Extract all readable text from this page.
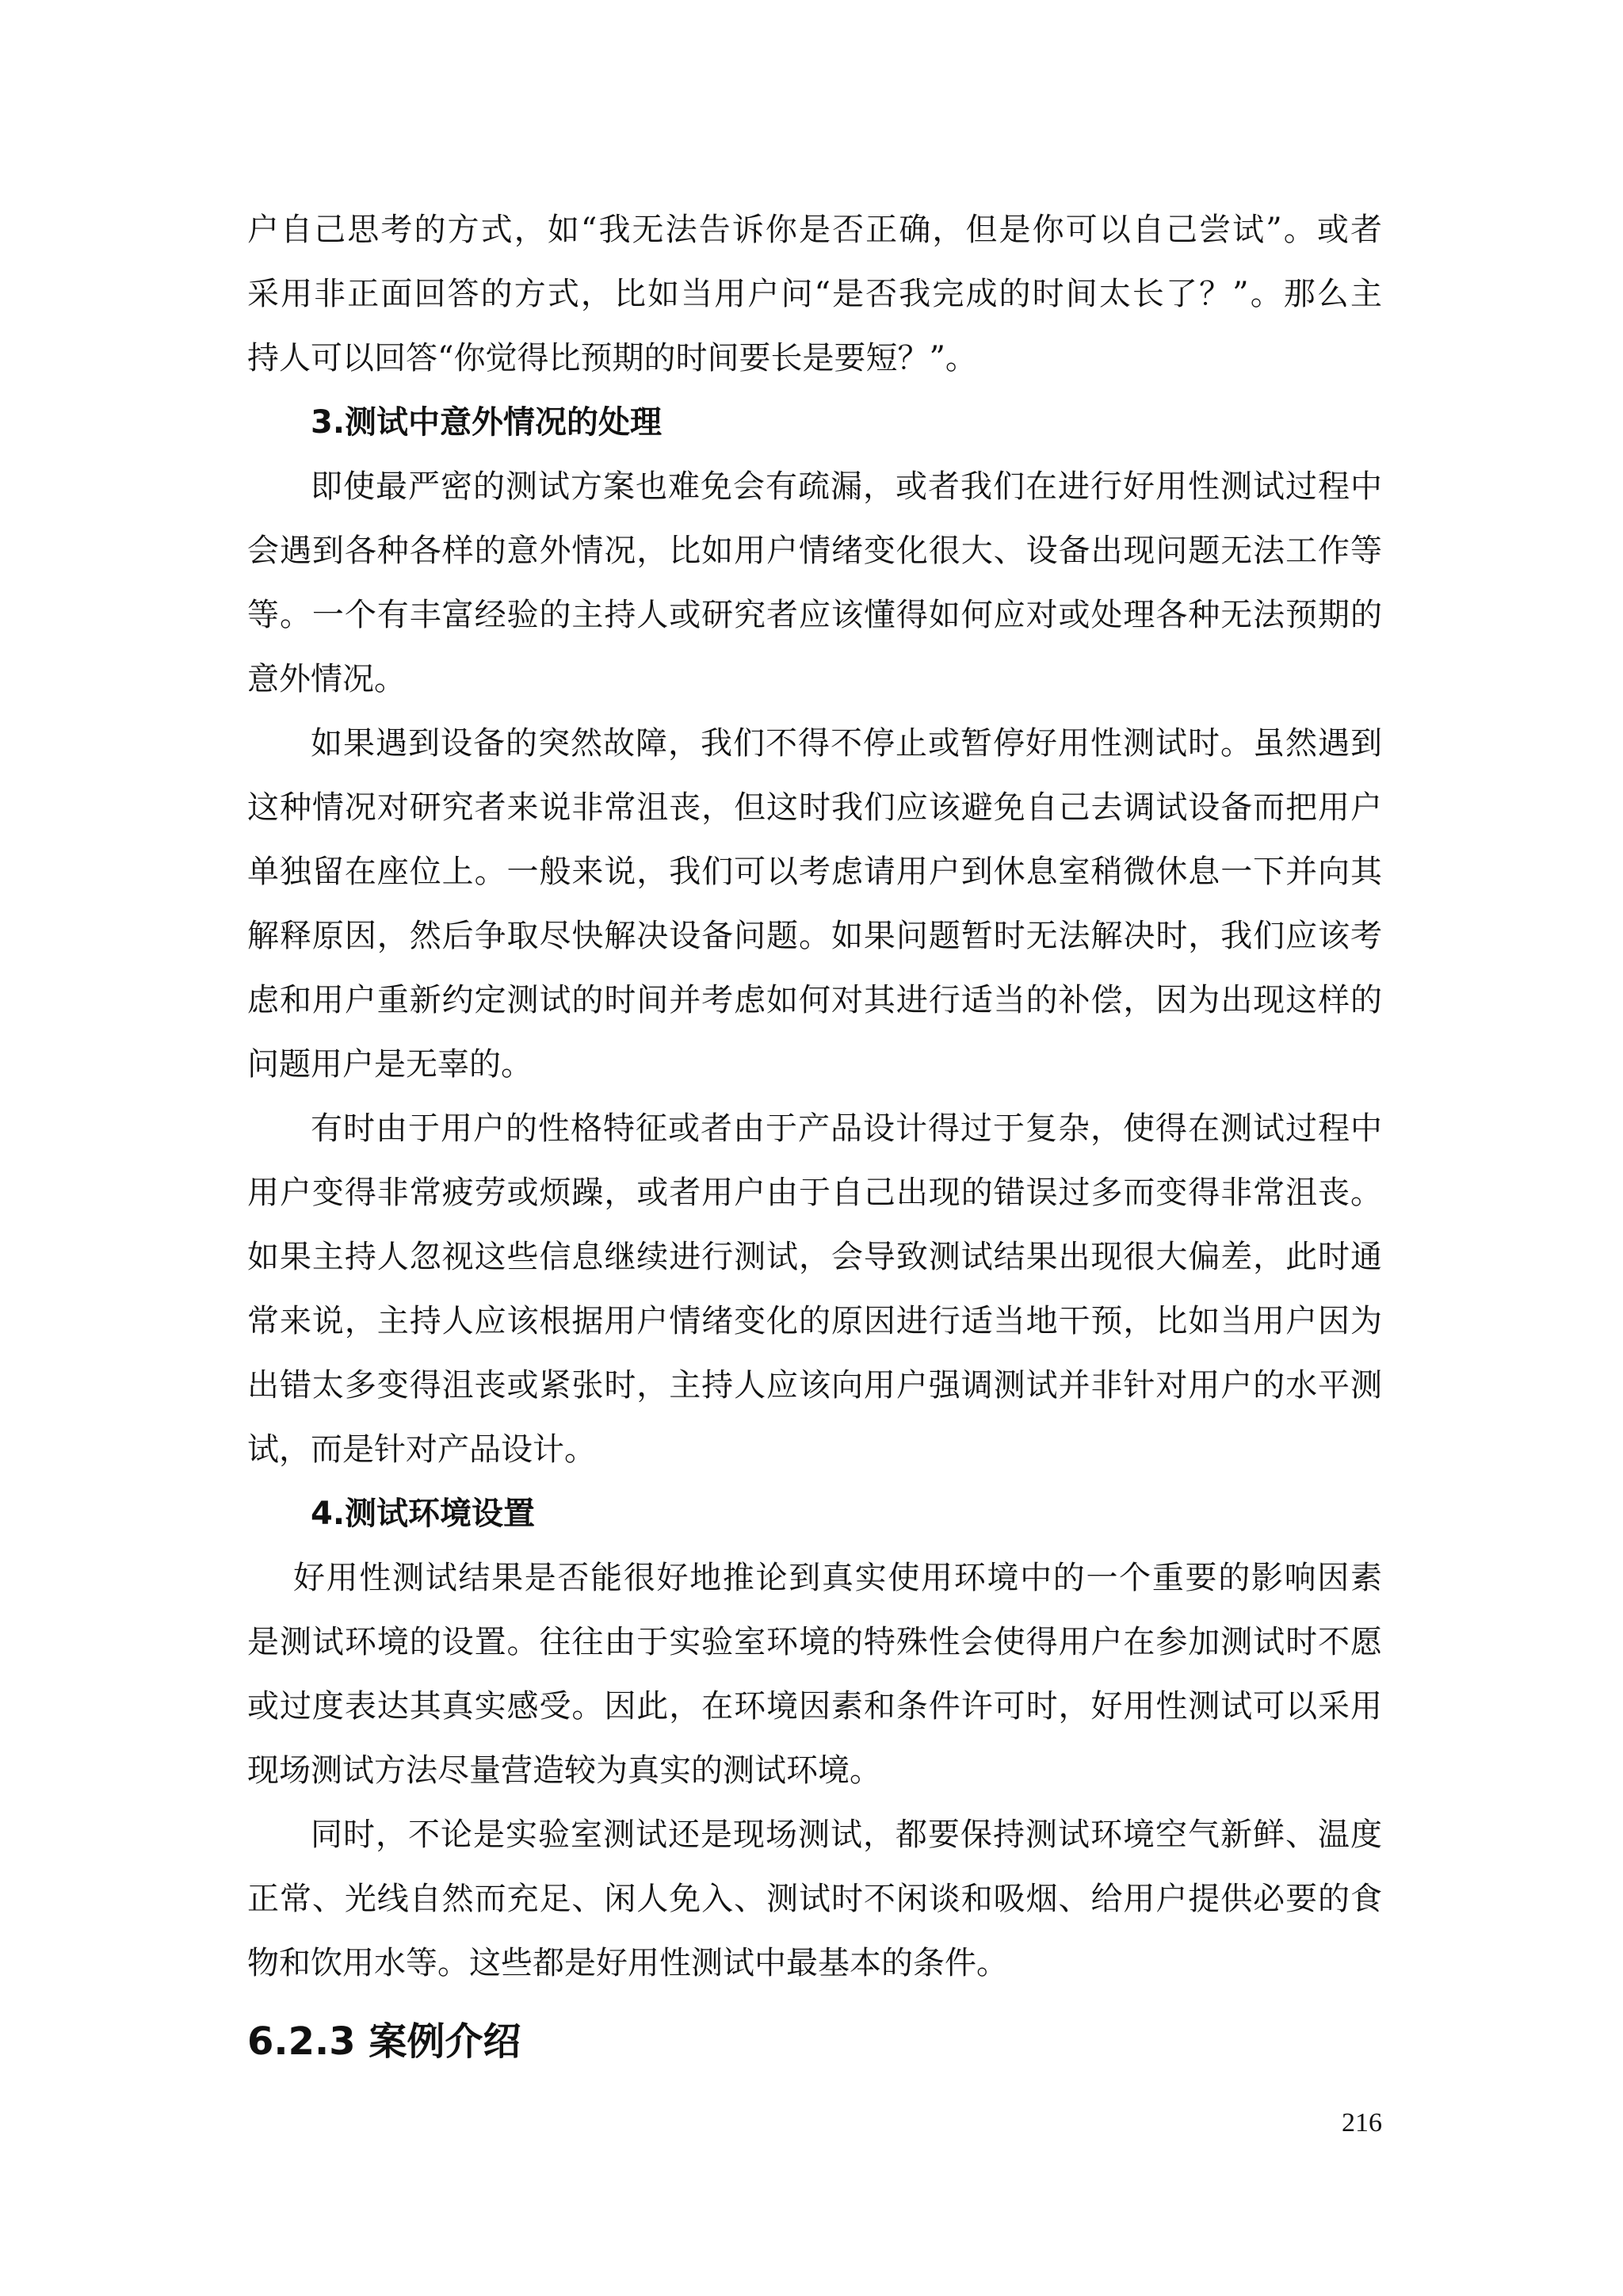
户自己思考的方式，如“我无法告诉你是否正确，但是你可以自己尝试”。或者
采用非正面回答的方式，比如当用户问“是否我完成的时间太长了？”。那么主
持人可以回答“你觉得比预期的时间要长是要短？”。
3.测试中意外情况的处理
即使最严密的测试方案也难免会有疏漏，或者我们在进行好用性测试过程中
会遇到各种各样的意外情况，比如用户情绪变化很大、设备出现问题无法工作等
等。一个有丰富经验的主持人或研究者应该懂得如何应对或处理各种无法预期的
意外情况。
如果遇到设备的突然故障，我们不得不停止或暂停好用性测试时。虽然遇到
这种情况对研究者来说非常沮丧，但这时我们应该避免自己去调试设备而把用户
单独留在座位上。一般来说，我们可以考虑请用户到休息室稍微休息一下并向其
解释原因，然后争取尽快解决设备问题。如果问题暂时无法解决时，我们应该考
虑和用户重新约定测试的时间并考虑如何对其进行适当的补偿，因为出现这样的
问题用户是无辜的。
有时由于用户的性格特征或者由于产品设计得过于复杂，使得在测试过程中
用户变得非常疲劳或烦躁，或者用户由于自己出现的错误过多而变得非常沮丧。
如果主持人忽视这些信息继续进行测试，会导致测试结果出现很大偏差，此时通
常来说，主持人应该根据用户情绪变化的原因进行适当地干预，比如当用户因为
出错太多变得沮丧或紧张时，主持人应该向用户强调测试并非针对用户的水平测
试，而是针对产品设计。
4.测试环境设置
好用性测试结果是否能很好地推论到真实使用环境中的一个重要的影响因素
是测试环境的设置。往往由于实验室环境的特殊性会使得用户在参加测试时不愿
或过度表达其真实感受。因此，在环境因素和条件许可时，好用性测试可以采用
现场测试方法尽量营造较为真实的测试环境。
同时，不论是实验室测试还是现场测试，都要保持测试环境空气新鲜、温度
正常、光线自然而充足、闲人免入、测试时不闲谈和吸烟、给用户提供必要的食
物和饮用水等。这些都是好用性测试中最基本的条件。
6.2.3 案例介绍
216
